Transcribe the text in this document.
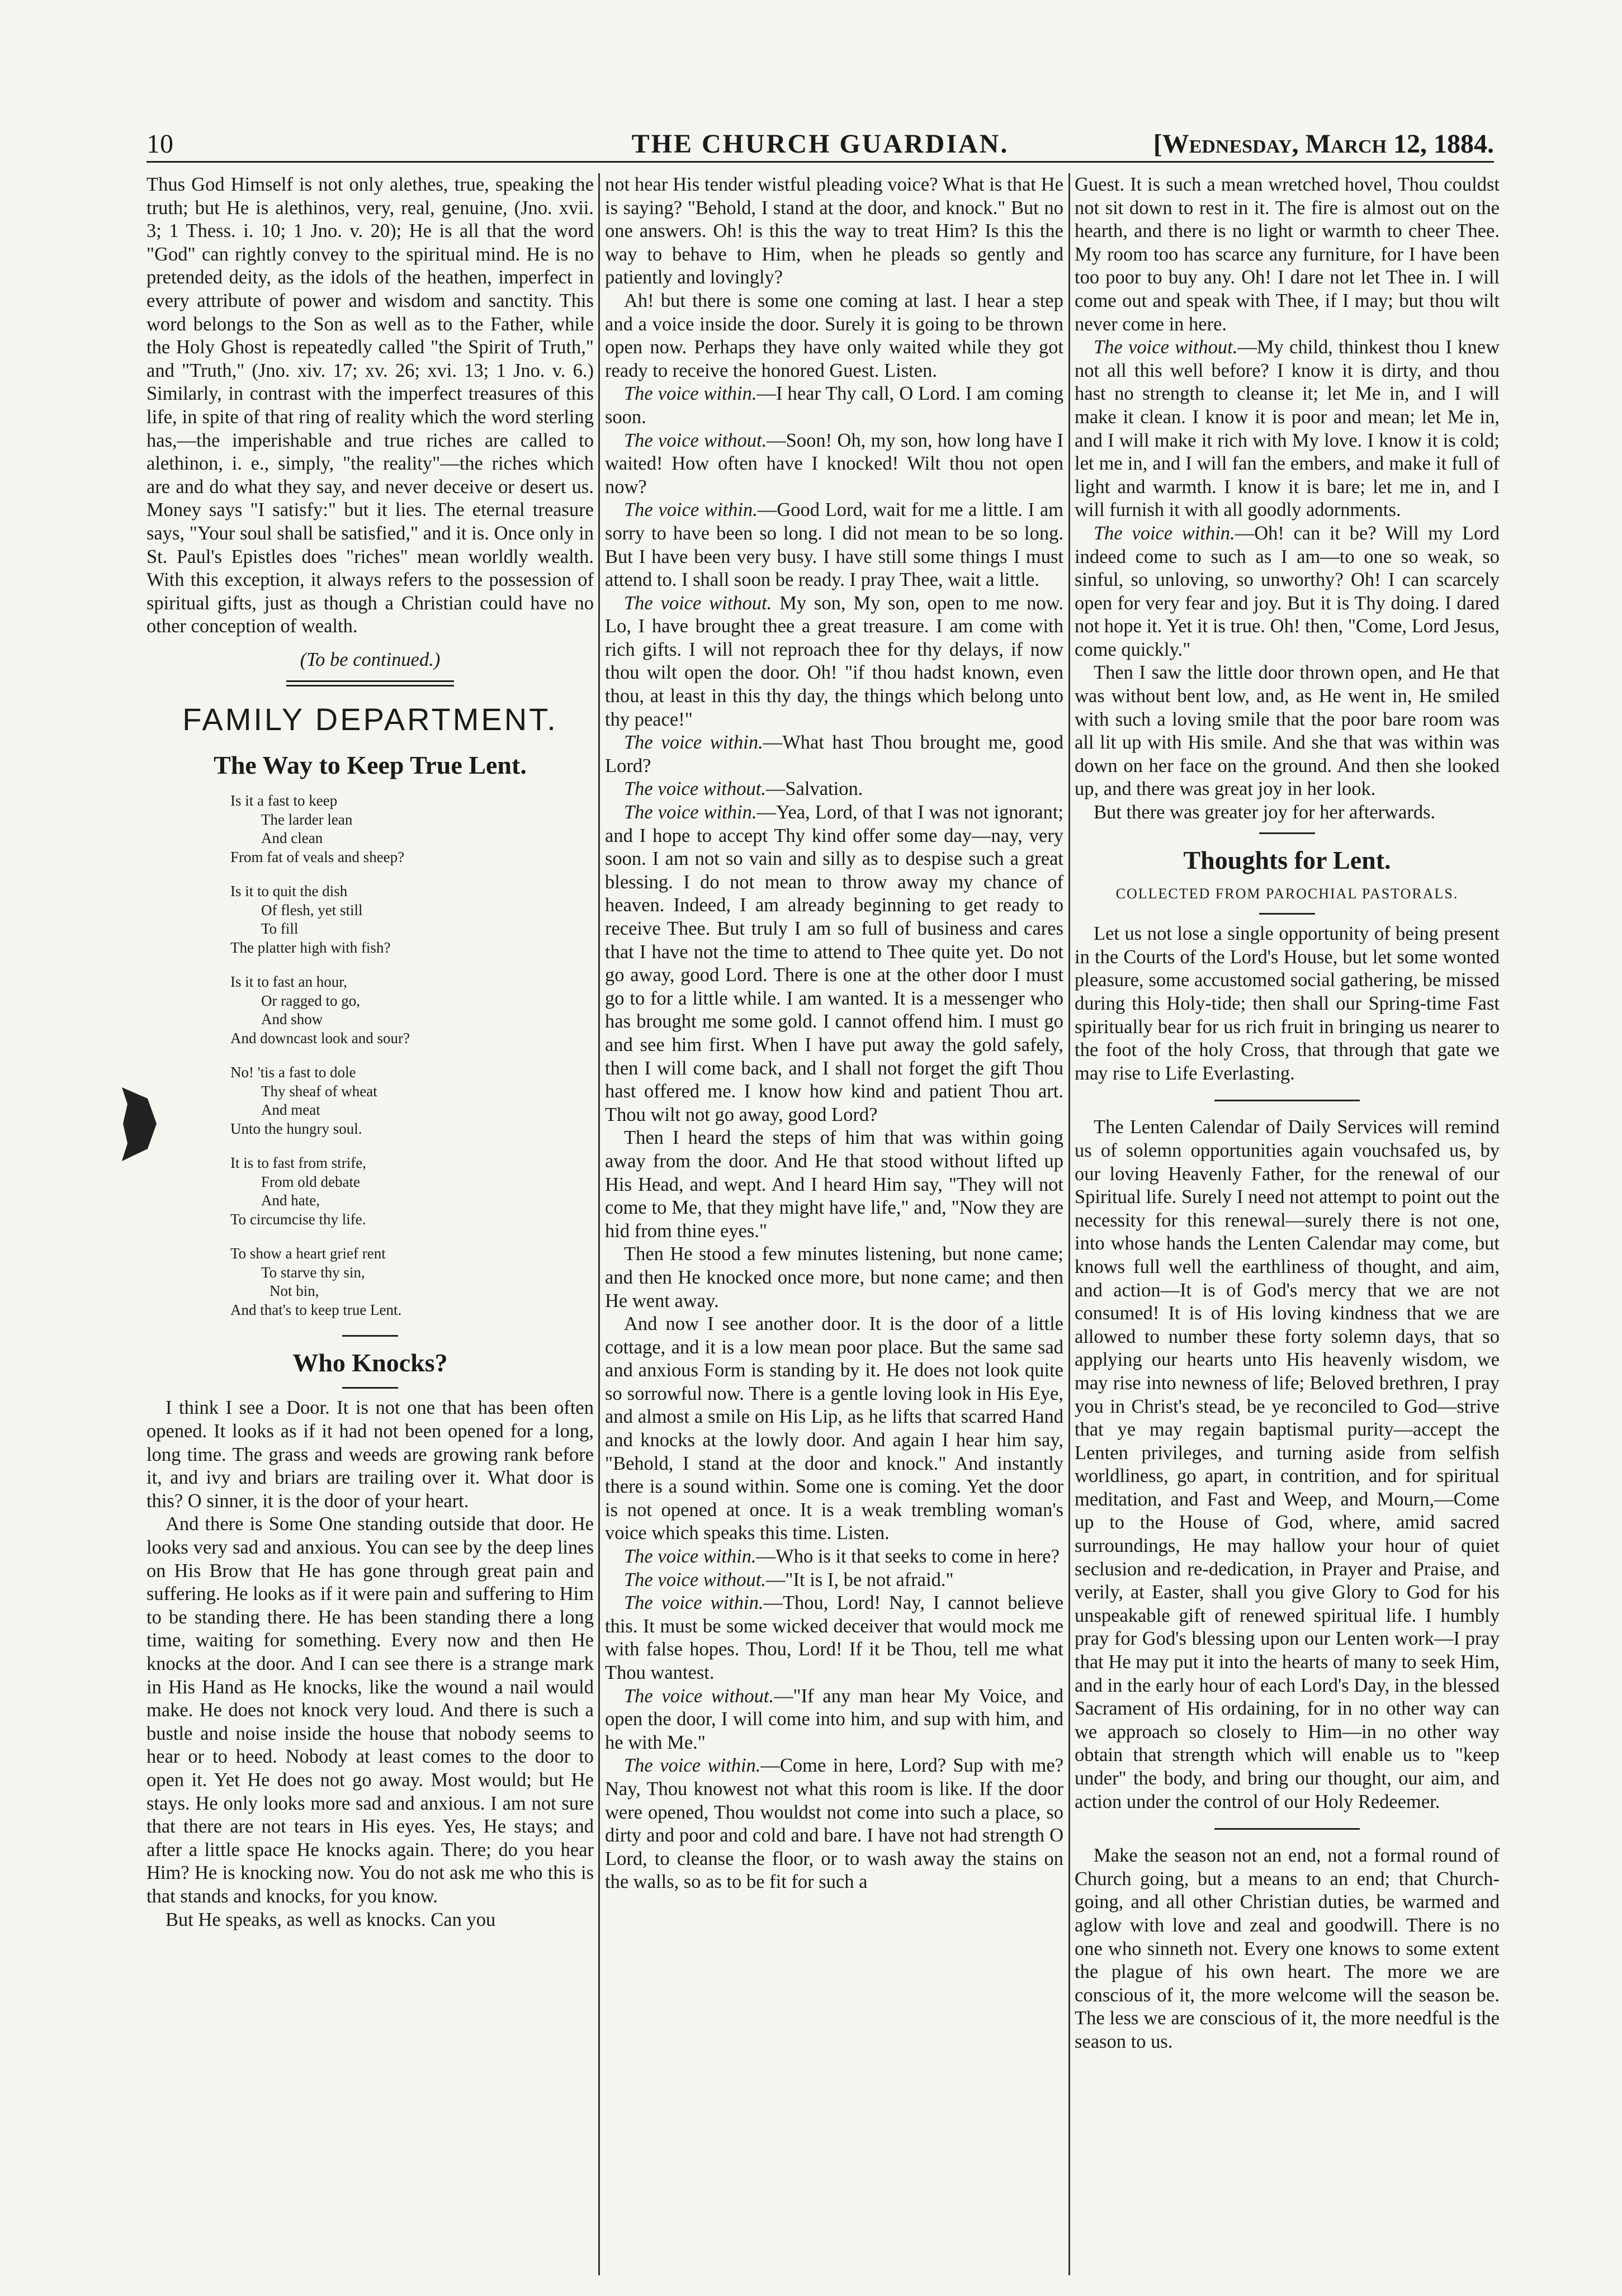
10	THE CHURCH GUARDIAN.	[Wednesday, March 12, 1884.

Thus God Himself is not only alethes, true, speaking the truth; but He is alethinos, very, real, genuine, (Jno. xvii. 3; 1 Thess. i. 10; 1 Jno. v. 20); He is all that the word "God" can rightly convey to the spiritual mind. He is no pretended deity, as the idols of the heathen, imperfect in every attribute of power and wisdom and sanctity. This word belongs to the Son as well as to the Father, while the Holy Ghost is repeatedly called "the Spirit of Truth," and "Truth," (Jno. xiv. 17; xv. 26; xvi. 13; 1 Jno. v. 6.) Similarly, in contrast with the imperfect treasures of this life, in spite of that ring of reality which the word sterling has,—the imperishable and true riches are called to alethinon, i. e., simply, "the reality"—the riches which are and do what they say, and never deceive or desert us. Money says "I satisfy:" but it lies. The eternal treasure says, "Your soul shall be satisfied," and it is. Once only in St. Paul's Epistles does "riches" mean worldly wealth. With this exception, it always refers to the possession of spiritual gifts, just as though a Christian could have no other conception of wealth.

(To be continued.)

FAMILY DEPARTMENT.
The Way to Keep True Lent.
Is it a fast to keep
The larder lean
And clean
From fat of veals and sheep?
Is it to quit the dish
Of flesh, yet still
To fill
The platter high with fish?
Is it to fast an hour,
Or ragged to go,
And show
And downcast look and sour?
No! 'tis a fast to dole
Thy sheaf of wheat
And meat
Unto the hungry soul.
It is to fast from strife,
From old debate
And hate,
To circumcise thy life.
To show a heart grief rent
To starve thy sin,
Not bin,
And that's to keep true Lent.
Who Knocks?

I think I see a Door. It is not one that has been often opened. It looks as if it had not been opened for a long, long time. The grass and weeds are growing rank before it, and ivy and briars are trailing over it. What door is this? O sinner, it is the door of your heart.

And there is Some One standing outside that door. He looks very sad and anxious. You can see by the deep lines on His Brow that He has gone through great pain and suffering. He looks as if it were pain and suffering to Him to be standing there. He has been standing there a long time, waiting for something. Every now and then He knocks at the door. And I can see there is a strange mark in His Hand as He knocks, like the wound a nail would make. He does not knock very loud. And there is such a bustle and noise inside the house that nobody seems to hear or to heed. Nobody at least comes to the door to open it. Yet He does not go away. Most would; but He stays. He only looks more sad and anxious. I am not sure that there are not tears in His eyes. Yes, He stays; and after a little space He knocks again. There; do you hear Him? He is knocking now. You do not ask me who this is that stands and knocks, for you know.

But He speaks, as well as knocks. Can you

not hear His tender wistful pleading voice? What is that He is saying? "Behold, I stand at the door, and knock." But no one answers. Oh! is this the way to treat Him? Is this the way to behave to Him, when he pleads so gently and patiently and lovingly?

Ah! but there is some one coming at last. I hear a step and a voice inside the door. Surely it is going to be thrown open now. Perhaps they have only waited while they got ready to receive the honored Guest. Listen.

The voice within.—I hear Thy call, O Lord. I am coming soon.

The voice without.—Soon! Oh, my son, how long have I waited! How often have I knocked! Wilt thou not open now?

The voice within.—Good Lord, wait for me a little. I am sorry to have been so long. I did not mean to be so long. But I have been very busy. I have still some things I must attend to. I shall soon be ready. I pray Thee, wait a little.

The voice without. My son, My son, open to me now. Lo, I have brought thee a great treasure. I am come with rich gifts. I will not reproach thee for thy delays, if now thou wilt open the door. Oh! "if thou hadst known, even thou, at least in this thy day, the things which belong unto thy peace!"

The voice within.—What hast Thou brought me, good Lord?

The voice without.—Salvation.

The voice within.—Yea, Lord, of that I was not ignorant; and I hope to accept Thy kind offer some day—nay, very soon. I am not so vain and silly as to despise such a great blessing. I do not mean to throw away my chance of heaven. Indeed, I am already beginning to get ready to receive Thee. But truly I am so full of business and cares that I have not the time to attend to Thee quite yet. Do not go away, good Lord. There is one at the other door I must go to for a little while. I am wanted. It is a messenger who has brought me some gold. I cannot offend him. I must go and see him first. When I have put away the gold safely, then I will come back, and I shall not forget the gift Thou hast offered me. I know how kind and patient Thou art. Thou wilt not go away, good Lord?

Then I heard the steps of him that was within going away from the door. And He that stood without lifted up His Head, and wept. And I heard Him say, "They will not come to Me, that they might have life," and, "Now they are hid from thine eyes."

Then He stood a few minutes listening, but none came; and then He knocked once more, but none came; and then He went away.

And now I see another door. It is the door of a little cottage, and it is a low mean poor place. But the same sad and anxious Form is standing by it. He does not look quite so sorrowful now. There is a gentle loving look in His Eye, and almost a smile on His Lip, as he lifts that scarred Hand and knocks at the lowly door. And again I hear him say, "Behold, I stand at the door and knock." And instantly there is a sound within. Some one is coming. Yet the door is not opened at once. It is a weak trembling woman's voice which speaks this time. Listen.

The voice within.—Who is it that seeks to come in here?

The voice without.—"It is I, be not afraid."

The voice within.—Thou, Lord! Nay, I cannot believe this. It must be some wicked deceiver that would mock me with false hopes. Thou, Lord! If it be Thou, tell me what Thou wantest.

The voice without.—"If any man hear My Voice, and open the door, I will come into him, and sup with him, and he with Me."

The voice within.—Come in here, Lord? Sup with me? Nay, Thou knowest not what this room is like. If the door were opened, Thou wouldst not come into such a place, so dirty and poor and cold and bare. I have not had strength O Lord, to cleanse the floor, or to wash away the stains on the walls, so as to be fit for such a

Guest. It is such a mean wretched hovel, Thou couldst not sit down to rest in it. The fire is almost out on the hearth, and there is no light or warmth to cheer Thee. My room too has scarce any furniture, for I have been too poor to buy any. Oh! I dare not let Thee in. I will come out and speak with Thee, if I may; but thou wilt never come in here.

The voice without.—My child, thinkest thou I knew not all this well before? I know it is dirty, and thou hast no strength to cleanse it; let Me in, and I will make it clean. I know it is poor and mean; let Me in, and I will make it rich with My love. I know it is cold; let me in, and I will fan the embers, and make it full of light and warmth. I know it is bare; let me in, and I will furnish it with all goodly adornments.

The voice within.—Oh! can it be? Will my Lord indeed come to such as I am—to one so weak, so sinful, so unloving, so unworthy? Oh! I can scarcely open for very fear and joy. But it is Thy doing. I dared not hope it. Yet it is true. Oh! then, "Come, Lord Jesus, come quickly."

Then I saw the little door thrown open, and He that was without bent low, and, as He went in, He smiled with such a loving smile that the poor bare room was all lit up with His smile. And she that was within was down on her face on the ground. And then she looked up, and there was great joy in her look.

But there was greater joy for her afterwards.

Thoughts for Lent.
COLLECTED FROM PAROCHIAL PASTORALS.

Let us not lose a single opportunity of being present in the Courts of the Lord's House, but let some wonted pleasure, some accustomed social gathering, be missed during this Holy-tide; then shall our Spring-time Fast spiritually bear for us rich fruit in bringing us nearer to the foot of the holy Cross, that through that gate we may rise to Life Everlasting.

The Lenten Calendar of Daily Services will remind us of solemn opportunities again vouchsafed us, by our loving Heavenly Father, for the renewal of our Spiritual life. Surely I need not attempt to point out the necessity for this renewal—surely there is not one, into whose hands the Lenten Calendar may come, but knows full well the earthliness of thought, and aim, and action—It is of God's mercy that we are not consumed! It is of His loving kindness that we are allowed to number these forty solemn days, that so applying our hearts unto His heavenly wisdom, we may rise into newness of life; Beloved brethren, I pray you in Christ's stead, be ye reconciled to God—strive that ye may regain baptismal purity—accept the Lenten privileges, and turning aside from selfish worldliness, go apart, in contrition, and for spiritual meditation, and Fast and Weep, and Mourn,—Come up to the House of God, where, amid sacred surroundings, He may hallow your hour of quiet seclusion and re-dedication, in Prayer and Praise, and verily, at Easter, shall you give Glory to God for his unspeakable gift of renewed spiritual life. I humbly pray for God's blessing upon our Lenten work—I pray that He may put it into the hearts of many to seek Him, and in the early hour of each Lord's Day, in the blessed Sacrament of His ordaining, for in no other way can we approach so closely to Him—in no other way obtain that strength which will enable us to "keep under" the body, and bring our thought, our aim, and action under the control of our Holy Redeemer.

Make the season not an end, not a formal round of Church going, but a means to an end; that Church-going, and all other Christian duties, be warmed and aglow with love and zeal and goodwill. There is no one who sinneth not. Every one knows to some extent the plague of his own heart. The more we are conscious of it, the more welcome will the season be. The less we are conscious of it, the more needful is the season to us.
